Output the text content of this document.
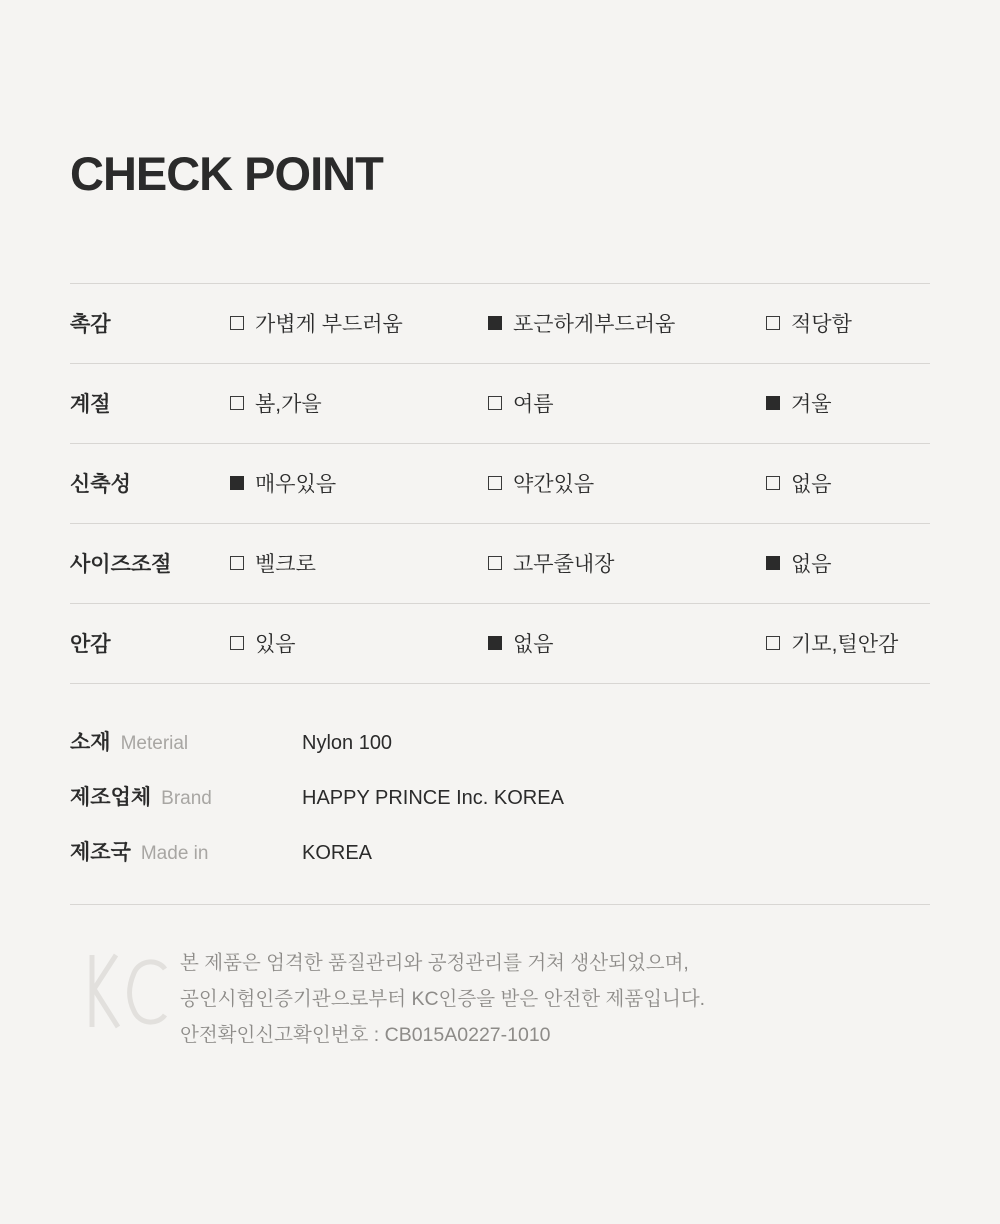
CHECK POINT
촉감	가볍게 부드러움	포근하게부드러움	적당함
계절	봄,가을	여름	겨울
신축성	매우있음	약간있음	없음
사이즈조절	벨크로	고무줄내장	없음
안감	있음	없음	기모,털안감
소재 Meterial	Nylon 100
제조업체 Brand	HAPPY PRINCE Inc. KOREA
제조국 Made in	KOREA
본 제품은 엄격한 품질관리와 공정관리를 거쳐 생산되었으며,
공인시험인증기관으로부터 KC인증을 받은 안전한 제품입니다.
안전확인신고확인번호 : CB015A0227-1010
